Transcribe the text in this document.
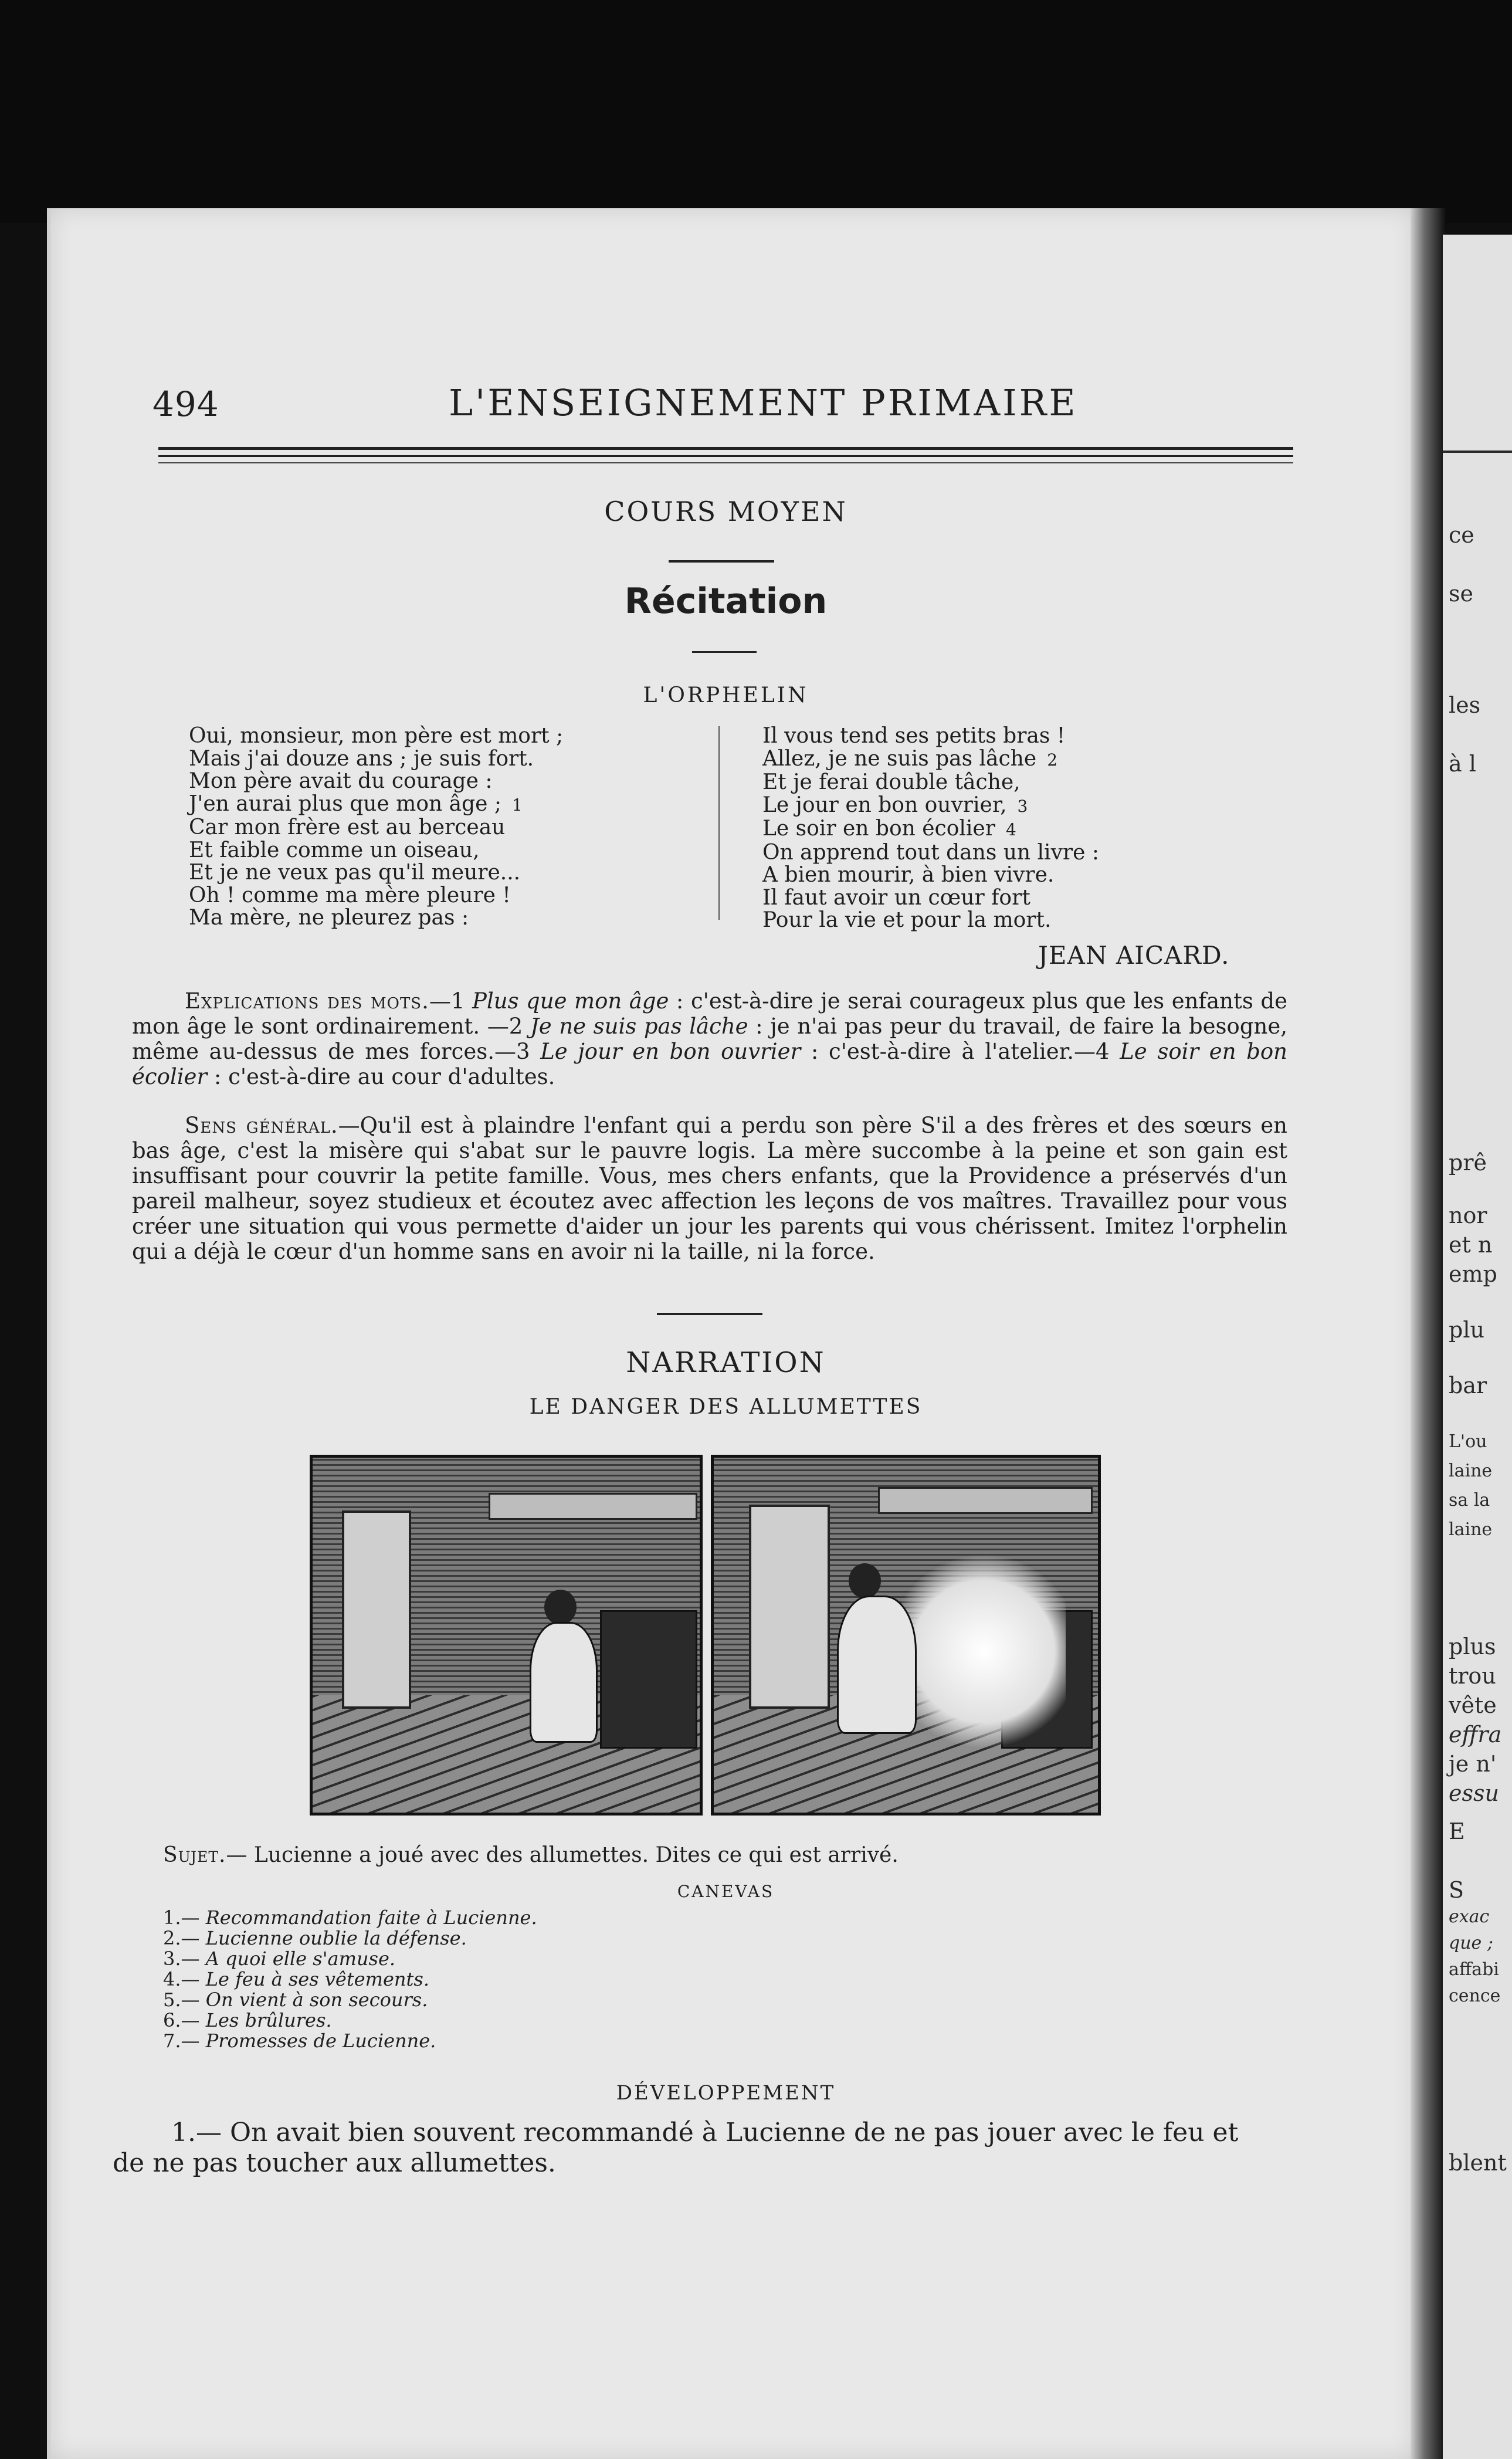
ce
se
les
à l
prê
nor
et n
emp
plu
bar
L'ou
laine
sa la
laine
plus
trou
vête
effra
je n'
essu
E
S
exac
que ;
affabi
cence
blent
494	L'ENSEIGNEMENT PRIMAIRE
COURS MOYEN
Récitation
L'ORPHELIN
Oui, monsieur, mon père est mort ;
Mais j'ai douze ans ; je suis fort.
Mon père avait du courage :
J'en aurai plus que mon âge ; 1
Car mon frère est au berceau
Et faible comme un oiseau,
Et je ne veux pas qu'il meure...
Oh ! comme ma mère pleure !
Ma mère, ne pleurez pas :
Il vous tend ses petits bras !
Allez, je ne suis pas lâche 2
Et je ferai double tâche,
Le jour en bon ouvrier, 3
Le soir en bon écolier 4
On apprend tout dans un livre :
A bien mourir, à bien vivre.
Il faut avoir un cœur fort
Pour la vie et pour la mort.
JEAN AICARD.
Explications des mots.—1 Plus que mon âge : c'est-à-dire je serai courageux plus que les enfants de mon âge le sont ordinairement. —2 Je ne suis pas lâche : je n'ai pas peur du travail, de faire la besogne, même au-dessus de mes forces.—3 Le jour en bon ouvrier : c'est-à-dire à l'atelier.—4 Le soir en bon écolier : c'est-à-dire au cour d'adultes.
Sens général.—Qu'il est à plaindre l'enfant qui a perdu son père S'il a des frères et des sœurs en bas âge, c'est la misère qui s'abat sur le pauvre logis. La mère succombe à la peine et son gain est insuffisant pour couvrir la petite famille. Vous, mes chers enfants, que la Providence a préservés d'un pareil malheur, soyez studieux et écoutez avec affection les leçons de vos maîtres. Travaillez pour vous créer une situation qui vous permette d'aider un jour les parents qui vous chérissent. Imitez l'orphelin qui a déjà le cœur d'un homme sans en avoir ni la taille, ni la force.
NARRATION
LE DANGER DES ALLUMETTES
Sujet.— Lucienne a joué avec des allumettes. Dites ce qui est arrivé.
CANEVAS
1.— Recommandation faite à Lucienne.
2.— Lucienne oublie la défense.
3.— A quoi elle s'amuse.
4.— Le feu à ses vêtements.
5.— On vient à son secours.
6.— Les brûlures.
7.— Promesses de Lucienne.
DÉVELOPPEMENT
1.— On avait bien souvent recommandé à Lucienne de ne pas jouer avec le feu et de ne pas toucher aux allumettes.
